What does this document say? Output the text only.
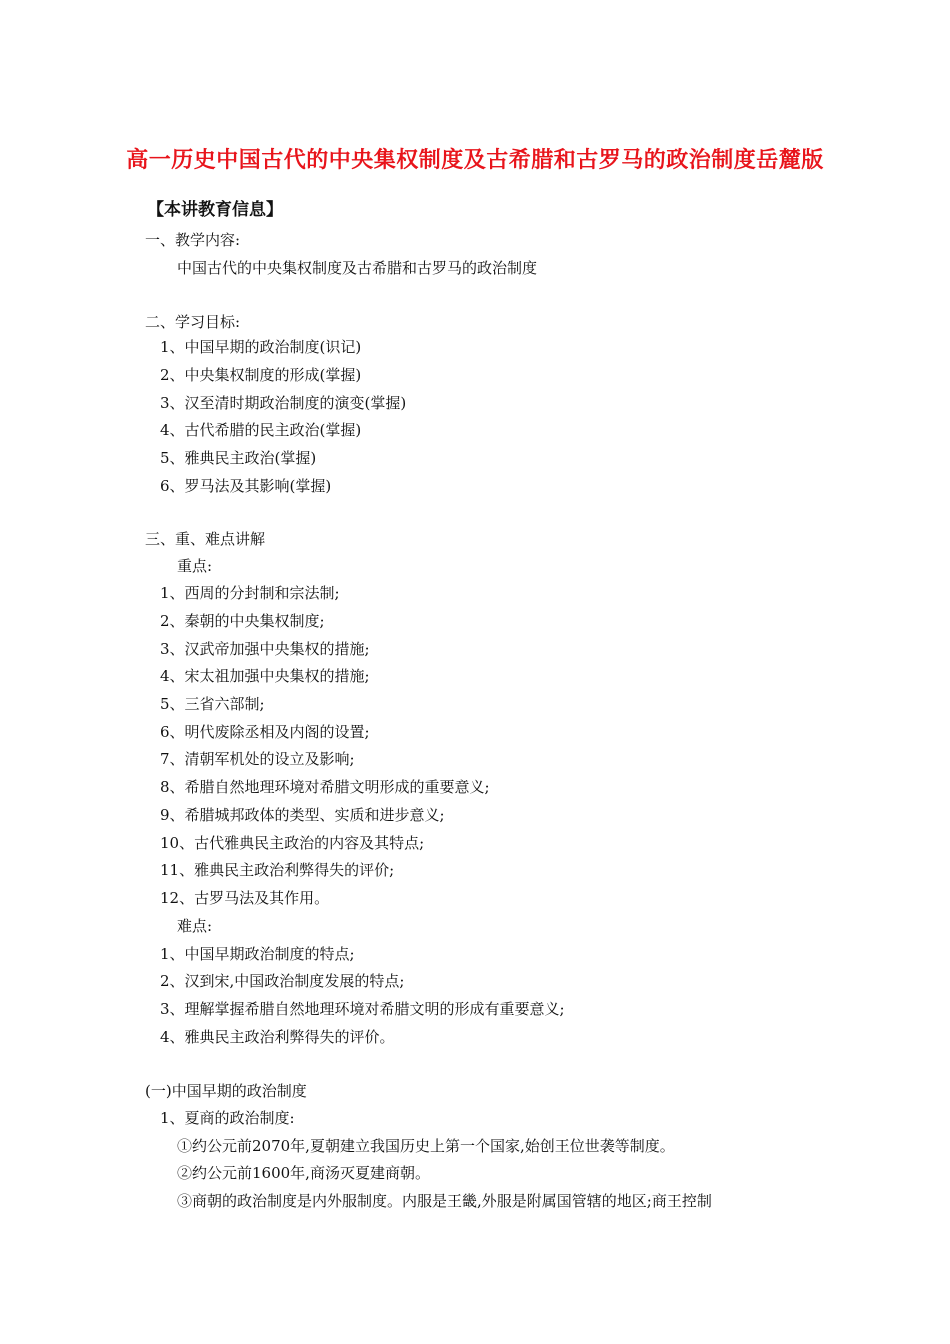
高一历史中国古代的中央集权制度及古希腊和古罗马的政治制度岳麓版
【本讲教育信息】
一、教学内容:
中国古代的中央集权制度及古希腊和古罗马的政治制度
二、学习目标:
1、中国早期的政治制度(识记)
2、中央集权制度的形成(掌握)
3、汉至清时期政治制度的演变(掌握)
4、古代希腊的民主政治(掌握)
5、雅典民主政治(掌握)
6、罗马法及其影响(掌握)
三、重、难点讲解
重点:
1、西周的分封制和宗法制;
2、秦朝的中央集权制度;
3、汉武帝加强中央集权的措施;
4、宋太祖加强中央集权的措施;
5、三省六部制;
6、明代废除丞相及内阁的设置;
7、清朝军机处的设立及影响;
8、希腊自然地理环境对希腊文明形成的重要意义;
9、希腊城邦政体的类型、实质和进步意义;
10、古代雅典民主政治的内容及其特点;
11、雅典民主政治利弊得失的评价;
12、古罗马法及其作用。
难点:
1、中国早期政治制度的特点;
2、汉到宋,中国政治制度发展的特点;
3、理解掌握希腊自然地理环境对希腊文明的形成有重要意义;
4、雅典民主政治利弊得失的评价。
(一)中国早期的政治制度
1、夏商的政治制度:
①约公元前2070年,夏朝建立我国历史上第一个国家,始创王位世袭等制度。
②约公元前1600年,商汤灭夏建商朝。
③商朝的政治制度是内外服制度。内服是王畿,外服是附属国管辖的地区;商王控制
